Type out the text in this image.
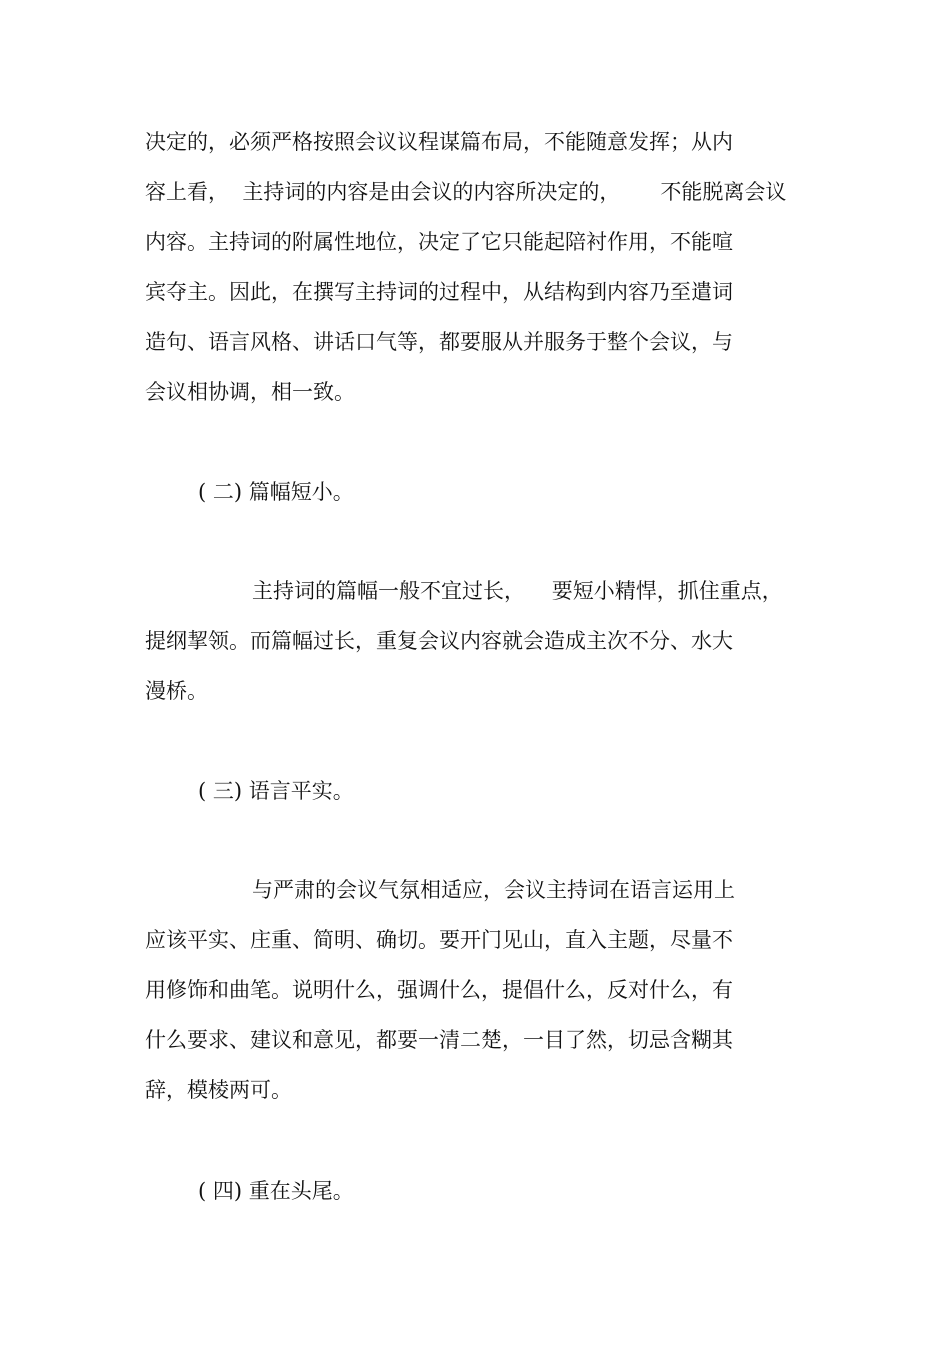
决定的，必须严格按照会议议程谋篇布局，不能随意发挥；从内

容上看，  主持词的内容是由会议的内容所决定的，      不能脱离会议

内容。主持词的附属性地位，决定了它只能起陪衬作用，不能喧

宾夺主。因此，在撰写主持词的过程中，从结构到内容乃至遣词

造句、语言风格、讲话口气等，都要服从并服务于整个会议，与

会议相协调，相一致。

( 二) 篇幅短小。

主持词的篇幅一般不宜过长，    要短小精悍，抓住重点，

提纲挈领。而篇幅过长，重复会议内容就会造成主次不分、水大

漫桥。

( 三) 语言平实。

与严肃的会议气氛相适应，会议主持词在语言运用上

应该平实、庄重、简明、确切。要开门见山，直入主题，尽量不

用修饰和曲笔。说明什么，强调什么，提倡什么，反对什么，有

什么要求、建议和意见，都要一清二楚，一目了然，切忌含糊其

辞，模棱两可。

( 四) 重在头尾。
